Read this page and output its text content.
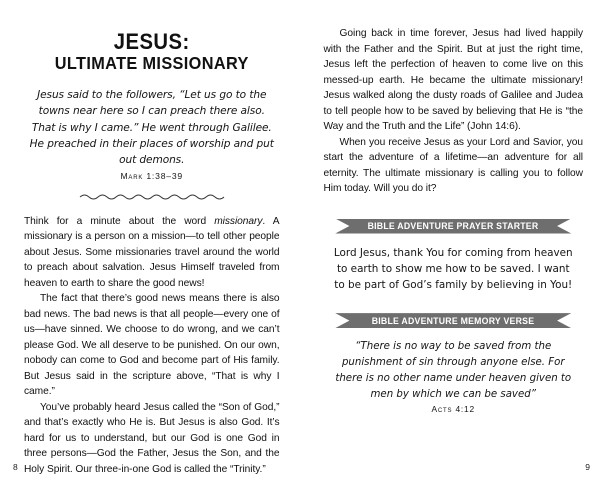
JESUS:
ULTIMATE MISSIONARY
Jesus said to the followers, “Let us go to the towns near here so I can preach there also. That is why I came.” He went through Galilee. He preached in their places of worship and put out demons.
Mark 1:38–39

Think for a minute about the word missionary. A missionary is a person on a mission—to tell other people about Jesus. Some missionaries travel around the world to preach about salvation. Jesus Himself traveled from heaven to earth to share the good news!

The fact that there’s good news means there is also bad news. The bad news is that all people—every one of us—have sinned. We choose to do wrong, and we can’t please God. We all deserve to be punished. On our own, nobody can come to God and become part of His family. But Jesus said in the scripture above, “That is why I came.”

You’ve probably heard Jesus called the “Son of God,” and that’s exactly who He is. But Jesus is also God. It’s hard for us to understand, but our God is one God in three persons—God the Father, Jesus the Son, and the Holy Spirit. Our three-in-one God is called the “Trinity.”

8

Going back in time forever, Jesus had lived happily with the Father and the Spirit. But at just the right time, Jesus left the perfection of heaven to come live on this messed-up earth. He became the ultimate missionary! Jesus walked along the dusty roads of Galilee and Judea to tell people how to be saved by believing that He is “the Way and the Truth and the Life” (John 14:6).

When you receive Jesus as your Lord and Savior, you start the adventure of a lifetime—an adventure for all eternity. The ultimate missionary is calling you to follow Him today. Will you do it?

BIBLE ADVENTURE PRAYER STARTER
Lord Jesus, thank You for coming from heaven to earth to show me how to be saved. I want to be part of God’s family by believing in You!
BIBLE ADVENTURE MEMORY VERSE
“There is no way to be saved from the punishment of sin through anyone else. For there is no other name under heaven given to men by which we can be saved”
Acts 4:12
9
